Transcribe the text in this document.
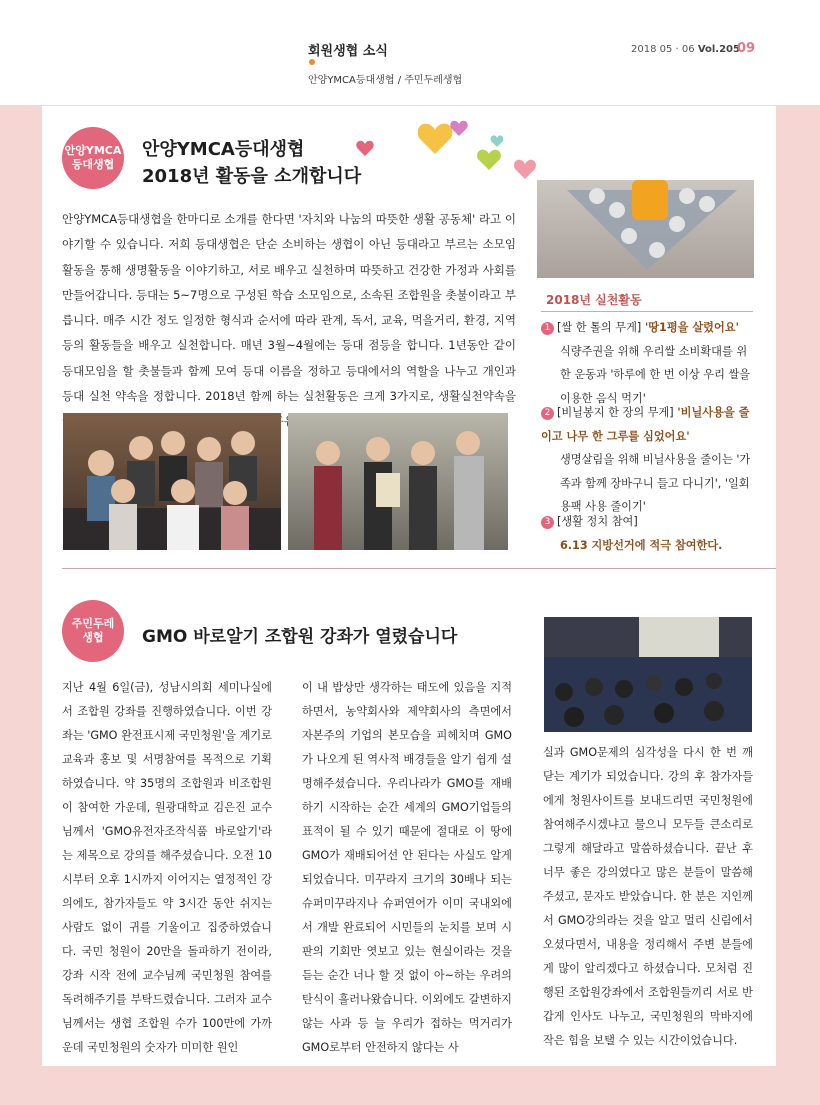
회원생협 소식
안양YMCA등대생협 / 주민두레생협
2018 05 · 06 Vol.205
09
안양YMCA
등대생협
안양YMCA등대생협
2018년 활동을 소개합니다

안양YMCA등대생협을 한마디로 소개를 한다면 '자치와 나눔의 따뜻한 생활 공동체' 라고 이야기할 수 있습니다. 저희 등대생협은 단순 소비하는 생협이 아닌 등대라고 부르는 소모임 활동을 통해 생명활동을 이야기하고, 서로 배우고 실천하며 따뜻하고 건강한 가정과 사회를 만들어갑니다. 등대는 5~7명으로 구성된 학습 소모임으로, 소속된 조합원을 촛불이라고 부릅니다. 매주 시간 정도 일정한 형식과 순서에 따라 관계, 독서, 교육, 먹을거리, 환경, 지역 등의 활동들을 배우고 실천합니다. 매년 3월~4월에는 등대 점등을 합니다. 1년동안 같이 등대모임을 할 촛불들과 함께 모여 등대 이름을 정하고 등대에서의 역할을 나누고 개인과 등대 실천 약속을 정합니다. 2018년 함께 하는 실천활동은 크게 3가지로, 생활실천약속을

2018년 실천활동
1 [쌀 한 톨의 무게] '땅1평을 살렸어요'
식량주권을 위해 우리쌀 소비확대를 위한 운동과 '하루에 한 번 이상 우리 쌀을 이용한 음식 먹기'
2 [비닐봉지 한 장의 무게] '비닐사용을 줄이고 나무 한 그루를 심었어요'
생명살림을 위해 비닐사용을 줄이는 '가족과 함께 장바구니 들고 다니기', '일회용팩 사용 줄이기'
3 [생활 정치 참여]
6.13 지방선거에 적극 참여한다.
주민두레
생협	GMO 바로알기 조합원 강좌가 열렸습니다

지난 4월 6일(금), 성남시의회 세미나실에서 조합원 강좌를 진행하였습니다. 이번 강좌는 'GMO 완전표시제 국민청원'을 계기로 교육과 홍보 및 서명참여를 목적으로 기획하였습니다. 약 35명의 조합원과 비조합원이 참여한 가운데, 원광대학교 김은진 교수님께서 'GMO유전자조작식품 바로알기'라는 제목으로 강의를 해주셨습니다. 오전 10시부터 오후 1시까지 이어지는 열정적인 강의에도, 참가자들도 약 3시간 동안 쉬지는 사람도 없이 귀를 기울이고 집중하였습니다. 국민 청원이 20만을 돌파하기 전이라, 강좌 시작 전에 교수님께 국민청원 참여를 독려해주기를 부탁드렸습니다. 그러자 교수님께서는 생협 조합원 수가 100만에 가까운데 국민청원의 숫자가 미미한 원인

이 내 밥상만 생각하는 태도에 있음을 지적하면서, 농약회사와 제약회사의 측면에서 자본주의 기업의 본모습을 피헤치며 GMO가 나오게 된 역사적 배경들을 알기 쉽게 설명해주셨습니다. 우리나라가 GMO를 재배하기 시작하는 순간 세계의 GMO기업들의 표적이 될 수 있기 때문에 절대로 이 땅에 GMO가 재배되어선 안 된다는 사실도 알게 되었습니다. 미꾸라지 크기의 30배나 되는 슈퍼미꾸라지나 슈퍼연어가 이미 국내외에서 개발 완료되어 시민들의 눈치를 보며 시판의 기회만 엿보고 있는 현실이라는 것을 듣는 순간 너나 할 것 없이 아~하는 우려의 탄식이 흘러나왔습니다. 이외에도 갈변하지 않는 사과 등 늘 우리가 접하는 먹거리가 GMO로부터 안전하지 않다는 사

실과 GMO문제의 심각성을 다시 한 번 깨닫는 계기가 되었습니다. 강의 후 참가자들에게 청원사이트를 보내드리면 국민청원에 참여해주시겠냐고 물으니 모두들 큰소리로 그렇게 해달라고 말씀하셨습니다. 끝난 후 너무 좋은 강의였다고 많은 분들이 말씀해 주셨고, 문자도 받았습니다. 한 분은 지인께서 GMO강의라는 것을 알고 멀리 신림에서 오셨다면서, 내용을 정리해서 주변 분들에게 많이 알리겠다고 하셨습니다. 모처럼 진행된 조합원강좌에서 조합원들끼리 서로 반갑게 인사도 나누고, 국민청원의 막바지에 작은 힘을 보탤 수 있는 시간이었습니다.
